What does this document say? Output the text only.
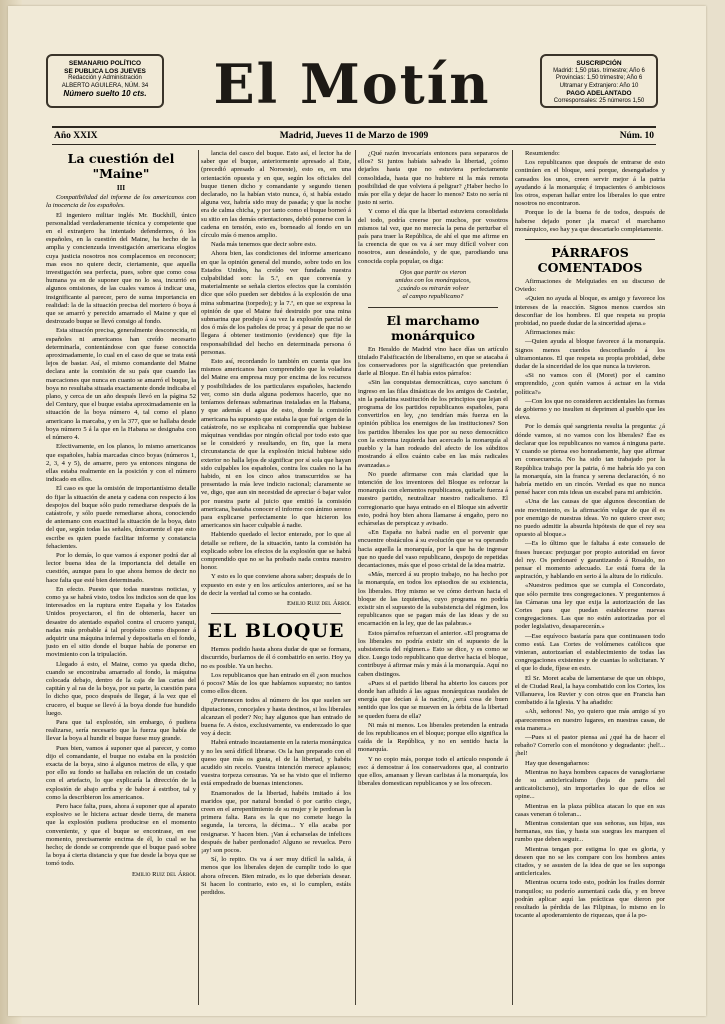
SEMANARIO POLÍTICO
SE PUBLICA LOS JUEVES
Redacción y Administración
ALBERTO AGUILERA, NÚM. 34
Número suelto 10 cts.	El Motín	SUSCRIPCIÓN
Madrid: 1,50 ptas. trimestre; Año 6
Provincias: 1,50 trimestre; Año 6
Ultramar y Extranjero: Año 10

PAGO ADELANTADO
Corresponsales: 25 números 1,50
Año XXIX	Madrid, Jueves 11 de Marzo de 1909	Núm. 10
La cuestión del "Maine"
III

Compatibilidad del informe de los americanos con la inocencia de los españoles.

El ingeniero militar inglés Mr. Buckhill, único personalidad verdaderamente técnica y competente que en el extranjero ha intentado defendernos, ó los españoles, en la cuestión del Maine, ha hecho de la amplia y concienzuda investigación americana elogios cuya justicia nosotros nos complacemos en reconocer; mas esos no quiere decir, ciertamente, que aquella investigación sea perfecta, pues, sobre que como cosa humana ya en de suponer que no lo sea, incurrió en algunos omisiones, de las cuales vamos á indicar una, insignificante al parecer, pero de suma importancia en realidad: la de la situación precisa del mortero ó boya á que se amarró y perecido amarrado el Maine y que el destrozado buque se llevó consigo al fondo.

Esta situación precisa, generalmente desconocida, ni españoles ni americanos han creído necesario determinarla, contentándose con que fuese conocida aproximadamente, lo cual en el caso de que se trata está lejos de bastar. Así, el mismo comandante del Maine declara ante la comisión de su país que cuando las marcaciones que nunca en cuanto se amarró el buque, la boya no resultaba situada exactamente donde indicaba el plano, y cerca de un año después llevó en la página 52 del Century, que el buque estaba aproximadamente en la situación de la boya número 4, tal como el plano americano la marcaba, y en la 377, que se hallaba desde boya número 5 á la que en la Habana se designaba con el número 4.

Efectivamente, en los planos, lo mismo americanos que españoles, había marcadas cinco boyas (números 1, 2, 3, 4 y 5), de amarre, pero ya entonces ninguna de ellas estaba realmente en la posición y con el número indicado en ellos.

El caso es que la omisión de importantísimo detalle do fijar la situación de aneta y cadena con respecto á los despojos del buque sólo pudo remediarse después de la catástrofe, y sólo puede remediarse ahora, conociendo de antemano con exactitud la situación de la boya, dato del que, según todas las señales, únicamente el que esto escribe es quien puede facilitar informe y constancia fehacientes.

Por lo demás, lo que vamos á exponer podrá dar al lector buena idea de la importancia del detalle en cuestión, aunque para lo que ahora hemos de decir no hace falta que esté bien determinado.

En efecto. Puesto que todas nuestras noticias, y como ya se habrá visto, todos los indicios son de que los interesados en la ruptura entre España y los Estados Unidos proyectaron, el fin de obtenerla, hacer un desastre do atentado español contra el crucero yanqui, nadas más probable á tal propósito como disponer á adquirir una máquina infernal y depositarla en el fondo, justo en el sitio donde el buque había de ponerse en movimiento con la tripulación.

Llegado á esto, el Maine, como ya queda dicho, cuando se encontraba amarrado al fondo, la máquina colocada debajo, dentro de la caja de las cartas del capitán y al ras de la boya, por su parte, la cuestión para lo dicho que, poco después de llegar, á la vez que el crucero, el buque se llevó á la boya donde fue hundido luego.

Para que tal explosión, sin embargo, ó pudiera realizarse, sería necesario que la fuerza que había de llevar la boya al hundir el buque fuese muy grande.

Pues bien, vamos á suponer que al parecer, y como dijo el comandante, el buque no estaba en la posición exacta de la boya, sino á algunos metros de ella, y que por ello su fondo se hallaba en relación de un costado con el artefacto, lo que explicaría la dirección de la explosión de abajo arriba y de babor á estribor, tal y como la describieron los americanos.

Pero hace falta, pues, ahora á suponer que al aparato explosivo se le hiciera actuar desde tierra, de manera que la explosión pudiera producirse en el momento conveniente, y que el buque se encontrase, en ese momento, precisamente encima de él, lo cual se ha hecho; de donde se comprende que el buque pasó sobre la boya á cierta distancia y que fue desde la boya que se tomó todo.

Emilio Ruiz del Árbol

lancia del casco del buque. Esto así, el lector ha de saber que el buque, anteriormente apresado al Este, (precedió apresado al Noroeste), esto es, en una orientación opuesta y en que, según los oficiales del buque tienen dicho y comandante y segundo tienen declarado, no la habían visto nunca, ó, si había estado alguna vez, habría sido muy de pasada; y que la noche era de calma chicha, y por tanto como el buque borneó á su sitio en las demás orientaciones, debió ponerse con la cadena en tensión, esto es, borneado al fondo en un círculo más ó menos amplio.

Nada más tenemos que decir sobre esto.

Ahora bien, las condiciones del informe americano en que la opinión general del mundo, sobre todo en los Estados Unidos, ha creído ver fundada nuestra culpabilidad son: la 5.ª, en que convenía y materialmente se señala ciertos efectos que la comisión dice que sólo pueden ser debidos á la explosión de una mina submarina (torpedo); y la 7.ª, en que se expresa la opinión de que el Maine fué destruido por una mina submarina que produjo á su vez la explosión parcial de dos ó más de los pañoles de proa; y á pesar de que no se llegara á obtener testimonio (evidence) que fije la responsabilidad del hecho en determinada persona ó personas.

Esto así, recordando lo también en cuenta que los mismos americanos han comprendido que la voladura del Maine era empresa muy por encima de los recursos y posibilidades de los particulares españoles, haciendo ver, como sin duda alguna podemos hacerlo, que no teníamos defensas submarinas instaladas en la Habana, y que además el agua de esto, donde la comisión americana ha supuesto que estaba la que fué origen de la catástrofe, no se explicaba ni comprendía que hubiese máquinas vendidas por ningún oficial por todo esto que se le consideró y resultando, en fin, que la mera circunstancia de que la explosión inicial hubiese sido exterior no halla lejos de significar por sí sola que hayan sido culpables los españoles, contra los cuales no la ha habido, ni en los cinco años transcurridos se ha presentado la más leve indicio racional; claramente se ve, digo, que aun sin necesidad de apreciar ó bajar valor por nuestra parte al juicio que emitió la comisión americana, bastaba conocer el informe con ánimo sereno para explicarse perfectamente lo que hicieron los americanos sin hacer culpable á nadie.

Habiendo quedado el lector enterado, por lo que al detalle se refiere, de la situación, tanto la comisión ha explicado sobre los efectos de la explosión que se habrá comprendido que no se ha probado nada contra nuestro honor.

Y esto es lo que conviene ahora saber; después de lo expuesto en este y en los artículos anteriores, así se ha de decir la verdad tal como se ha contado.

Emilio Ruiz del Árbol
EL BLOQUE

Hemos podido hasta ahora dudar de que se formara, discurrido, burlarnos de él ó combatirlo en serio. Hoy ya no es posible. Ya un hecho.

Los republicanos que han entrado en él ¿son muchos ó pocos? Más de los que habíamos supuesto; no tantos como ellos dicen.

¿Pertenecen todos al número de los que suelen ser diputaciones, concejales y hasta destinos, si los liberales alcanzan el poder? No; hay algunos que han entrado de buena fe. A éstos, exclusivamente, va enderezado lo que voy á decir.

Habrá entrado incautamente en la rateria monárquica y no les será difícil librarse. Os la han preparado con el queso que más os gusta, el de la libertad, y habéis acudido sin recelo. Vuestra intención merece aplausos; vuestra torpeza censuras. Ya se ha visto que el infierno está empedrado de buenas intenciones.

Enamorados de la libertad, habéis imitado á los maridos que, por natural bondad ó por cariño ciego, creen en el arrepentimiento de su mujer y le perdonan la primera falta. Rara es la que no comete luego la segunda, la tercera, la décima... Y ella acaba por resignarse. Y hacen bien. ¡Van á echarselas de infelices después de haber perdonado! Alguno se revuelca. Pero ¡ay! son pocos.

Sí, lo repito. Os va á ser muy difícil la salida, á menos que los liberales dejen de cumplir todo lo que ahora ofrecen. Bien mirado, es lo que deberíais desear. Si hacen lo contrario, esto es, si lo cumplen, estáis perdidos.

¿Qué razón invocaríais entonces para separaros de ellos? Si juntos habíais salvado la libertad, ¿cómo dejarlos hasta que no estuviera perfectamente consolidada, hasta que no hubiere ni la más remota posibilidad de que volviera á peligrar? ¿Haber hecho lo más por ella y dejar de hacer lo menos? Esto no sería ni justo ni serio.

Y como el día que la libertad estuviera consolidada del todo, podría creerse por muchos, por vosotros mismos tal vez, que no merecía la pena de perturbar el país para traer la República, de ahí el que me afirme en la creencia de que os va á ser muy difícil volver con nosotros, aun deseándolo, y de que, parodiando una conocida copla popular, os diga:

Ojos que partir os vieron
unidos con los monárquicos,
¿cuándo os mirarán volver
al campo republicano?
El marchamo monárquico

En Heraldo de Madrid vino hace días un artículo titulado Falsificación de liberalismo, en que se atacaba á los conservadores por la significación que pretendían darle al Bloque. En él había estos párrafos:

«Sin las conquistas democráticas, cuyo sanctum ó ingreso en las filas dinásticas de los amigos de Castelar, sin la paulatina sustitución de los principios que lejan el programa de los partidos republicanos españoles, para convertirlos en ley, ¿no tendrían más fuerza en la opinión pública los enemigos de las instituciones? Son los partidos liberales los que por su nexo democrático con la extrema izquierda han acercado la monarquía al pueblo y la han rodeado del afecto de los súbditos mostrando á ellos cuánto cabe en las más radicales avanzadas.»

No puede afirmarse con más claridad que la intención de los inventores del Bloque es reforzar la monarquía con elementos republicanos, quitarle fuerza á nuestro partido, neutralizar nuestro radicalismo. El corregionario que haya entrado en el Bloque sin advertir esto, podrá hoy bien ahora llamarse á engaño, pero no echárselas de perspicaz y avisado.

«En España no habrá nadie en el porvenir que encuentre obstáculos á su evolución que se va operando hacia aquella la monarquía, por la que ha de ingresar que no quede del vaso republicano, despojo de repetidas decantaciones, más que el poso cristal de la idea matriz.

«Más, merced á su propio trabajo, no ha hecho por la monarquía, en todos los episodios de su existencia, los liberales. Hoy mismo se ve cómo derivan hacia el bloque de las izquierdas, cuyo programa no podría existir sin el supuesto de la subsistencia del régimen, los republicanos que se pagan más de las ideas y de su encarnación en la ley, que de las palabras.»

Estos párrafos refuerzan el anterior. «El programa de los liberales no podría existir sin el supuesto de la subsistencia del régimen.» Esto se dice, y es como se dice. Luego todo republicano que derive hacia el bloque, contribuye á afirmar más y más á la monarquía. Aquí no caben distingos.

«Pues si el partido liberal ha abierto los cauces por donde han afluido á las aguas monárquicas raudales de energía que decían á la nación, ¿será cosa de buen sentido que los que se mueven en la órbita de la libertad se queden fuera de ella?

Ni más ni menos. Los liberales pretenden la entrada de los republicanos en el bloque; porque ello significa la caída de la República, y no en sentido hacia la monarquía.

Y no copio más, porque todo el artículo responde á eso: á demostrar á los conservadores que, al contrario que ellos, amansan y llevan carlistas á la monarquía, los liberales domestican republicanos y se los ofrecen.

Resumiendo:

Los republicanos que después de entrarse de esto continúen en el bloque, será porque, desengañados y cansados los unos, creen servir mejor á la patria ayudando á la monarquía; é impacientes ó ambiciosos los otros, esperan hallar entre los liberales lo que entre nosotros no encontraron.

Porque lo de la buena fe de todos, después de haberse dejado poner ¡la marca! el marchamo monárquico, eso hay ya que descartarlo completamente.

PÁRRAFOS COMENTADOS

Afirmaciones de Melquiades en su discurso de Oviedo:

«Quien no ayuda al bloque, es amigo y favorece los intereses de la reacción. Signos menos cuerdos sin desconfiar de los hombres. El que respeta su propia probidad, no puede dudar de la sinceridad ajena.»

Afirmaciones más:

—Quien ayuda al bloque favorece á la monarquía. Signos menos cuerdos desconfiando á los ultramontanos. El que respeta su propia probidad, debe dudar de la sinceridad de los que nunca la tuvieron.

«Si no vamos con él (Moret) por el camino emprendido, ¿con quién vamos á actuar en la vida política?»

—Con los que no consideren accidentales las formas de gobierno y no insulten ni deprimen al pueblo que les eleva.

Por lo demás qué sangrienta resulta la pregunta: ¿á dónde vamos, si no vamos con los liberales? Ése es declarar que los republicanos no vamos á ninguna parte. Y cuando se piensa eso honradamente, hay que afirmar en consecuencia. No ha sido tan trabajado por la República trabajo por la patria, ó me habría ido ya con la monarquía, sin la franca y serena declaración, ó no habría metido en un rincón. Verdad es que no nunca pensé hacer con mis ideas un escabel para mi ambición.

«Una de las causas de que algunos descontían de este movimiento, es la afirmación vulgar de que él es por enemigo de nuestras ideas. Yo no quiero creer eso; no puedo admitir la absurda hipótesis de que el rey sea opuesto al bloque.»

—Es lo último que le faltaba á este consuelo de frases huecas: prejuzgar por propio autoridad en favor del rey. Os perdonaré y garantizando á Rosaldo, no pensar el momento adecuado. Le está fuera de la aspiración, y hablando en serio á la altura de lo ridículo.

«Nuestros pedimos que se cumpla el Concordato, que sólo permite tres congregaciones. Y preguntemos á las Cámaras una ley que exija la autorización de las Cortes para que puedan establecerse nuevas congregaciones. Las que no estén autorizadas por el poder legislativo, desaparecerán.»

—Ese equívoco bastaría para que continuasen todo como está. Las Cortes de volúmenes católicos que vinieran, autorizarían el establecimiento de todas las congregaciones existentes y de cuantas lo solicitaran. Y el que lo dude, fíjese en esto.

El Sr. Moret acaba de lamentarse de que un obispo, el de Ciudad Real, la haya combatido con los Cortes, los Villanueva, los Ruvier y con otros que en Francia han combatido á la Iglesia. Y ha añadido:

«Ah, señores! No, yo quiero que más amigo sí yo apareceremos en nuestro lugares, en nuestras casas, de esta manera.»

—Pues si el pastor piensa así ¿qué ha de hacer el rebaño? Correrlo con el monótono y degradante: ¡hel!...¡hel!

Hay que desengañarnos:

Mientras no haya hombres capaces de vanagloriarse de su anticlericalismo (hoja de parra del anticatolicismo), sin importarles lo que de ellos se opine...

Mientras en la plaza pública atacan lo que en sus casas veneran ó toleran...

Mientras consientan que sus señoras, sus hijas, sus hermanas, sus tías, y hasta sus suegras les marquen el rumbo que deben seguir...

Mientras tengan por estigma lo que es gloria, y deseen que no se les compare con los hombres antes citados, y se asusten de la idea de que se les suponga anticlericales.

Mientras ocurra todo esto, podrán los frailes dormir tranquilos; su poderío aumentará cada día, y en breve podrán aplicar aquí las prácticas que dieron por resultado la pérdida de las Filipinas, lo mismo en lo tocante al apoderamiento de riquezas, que á la po-
